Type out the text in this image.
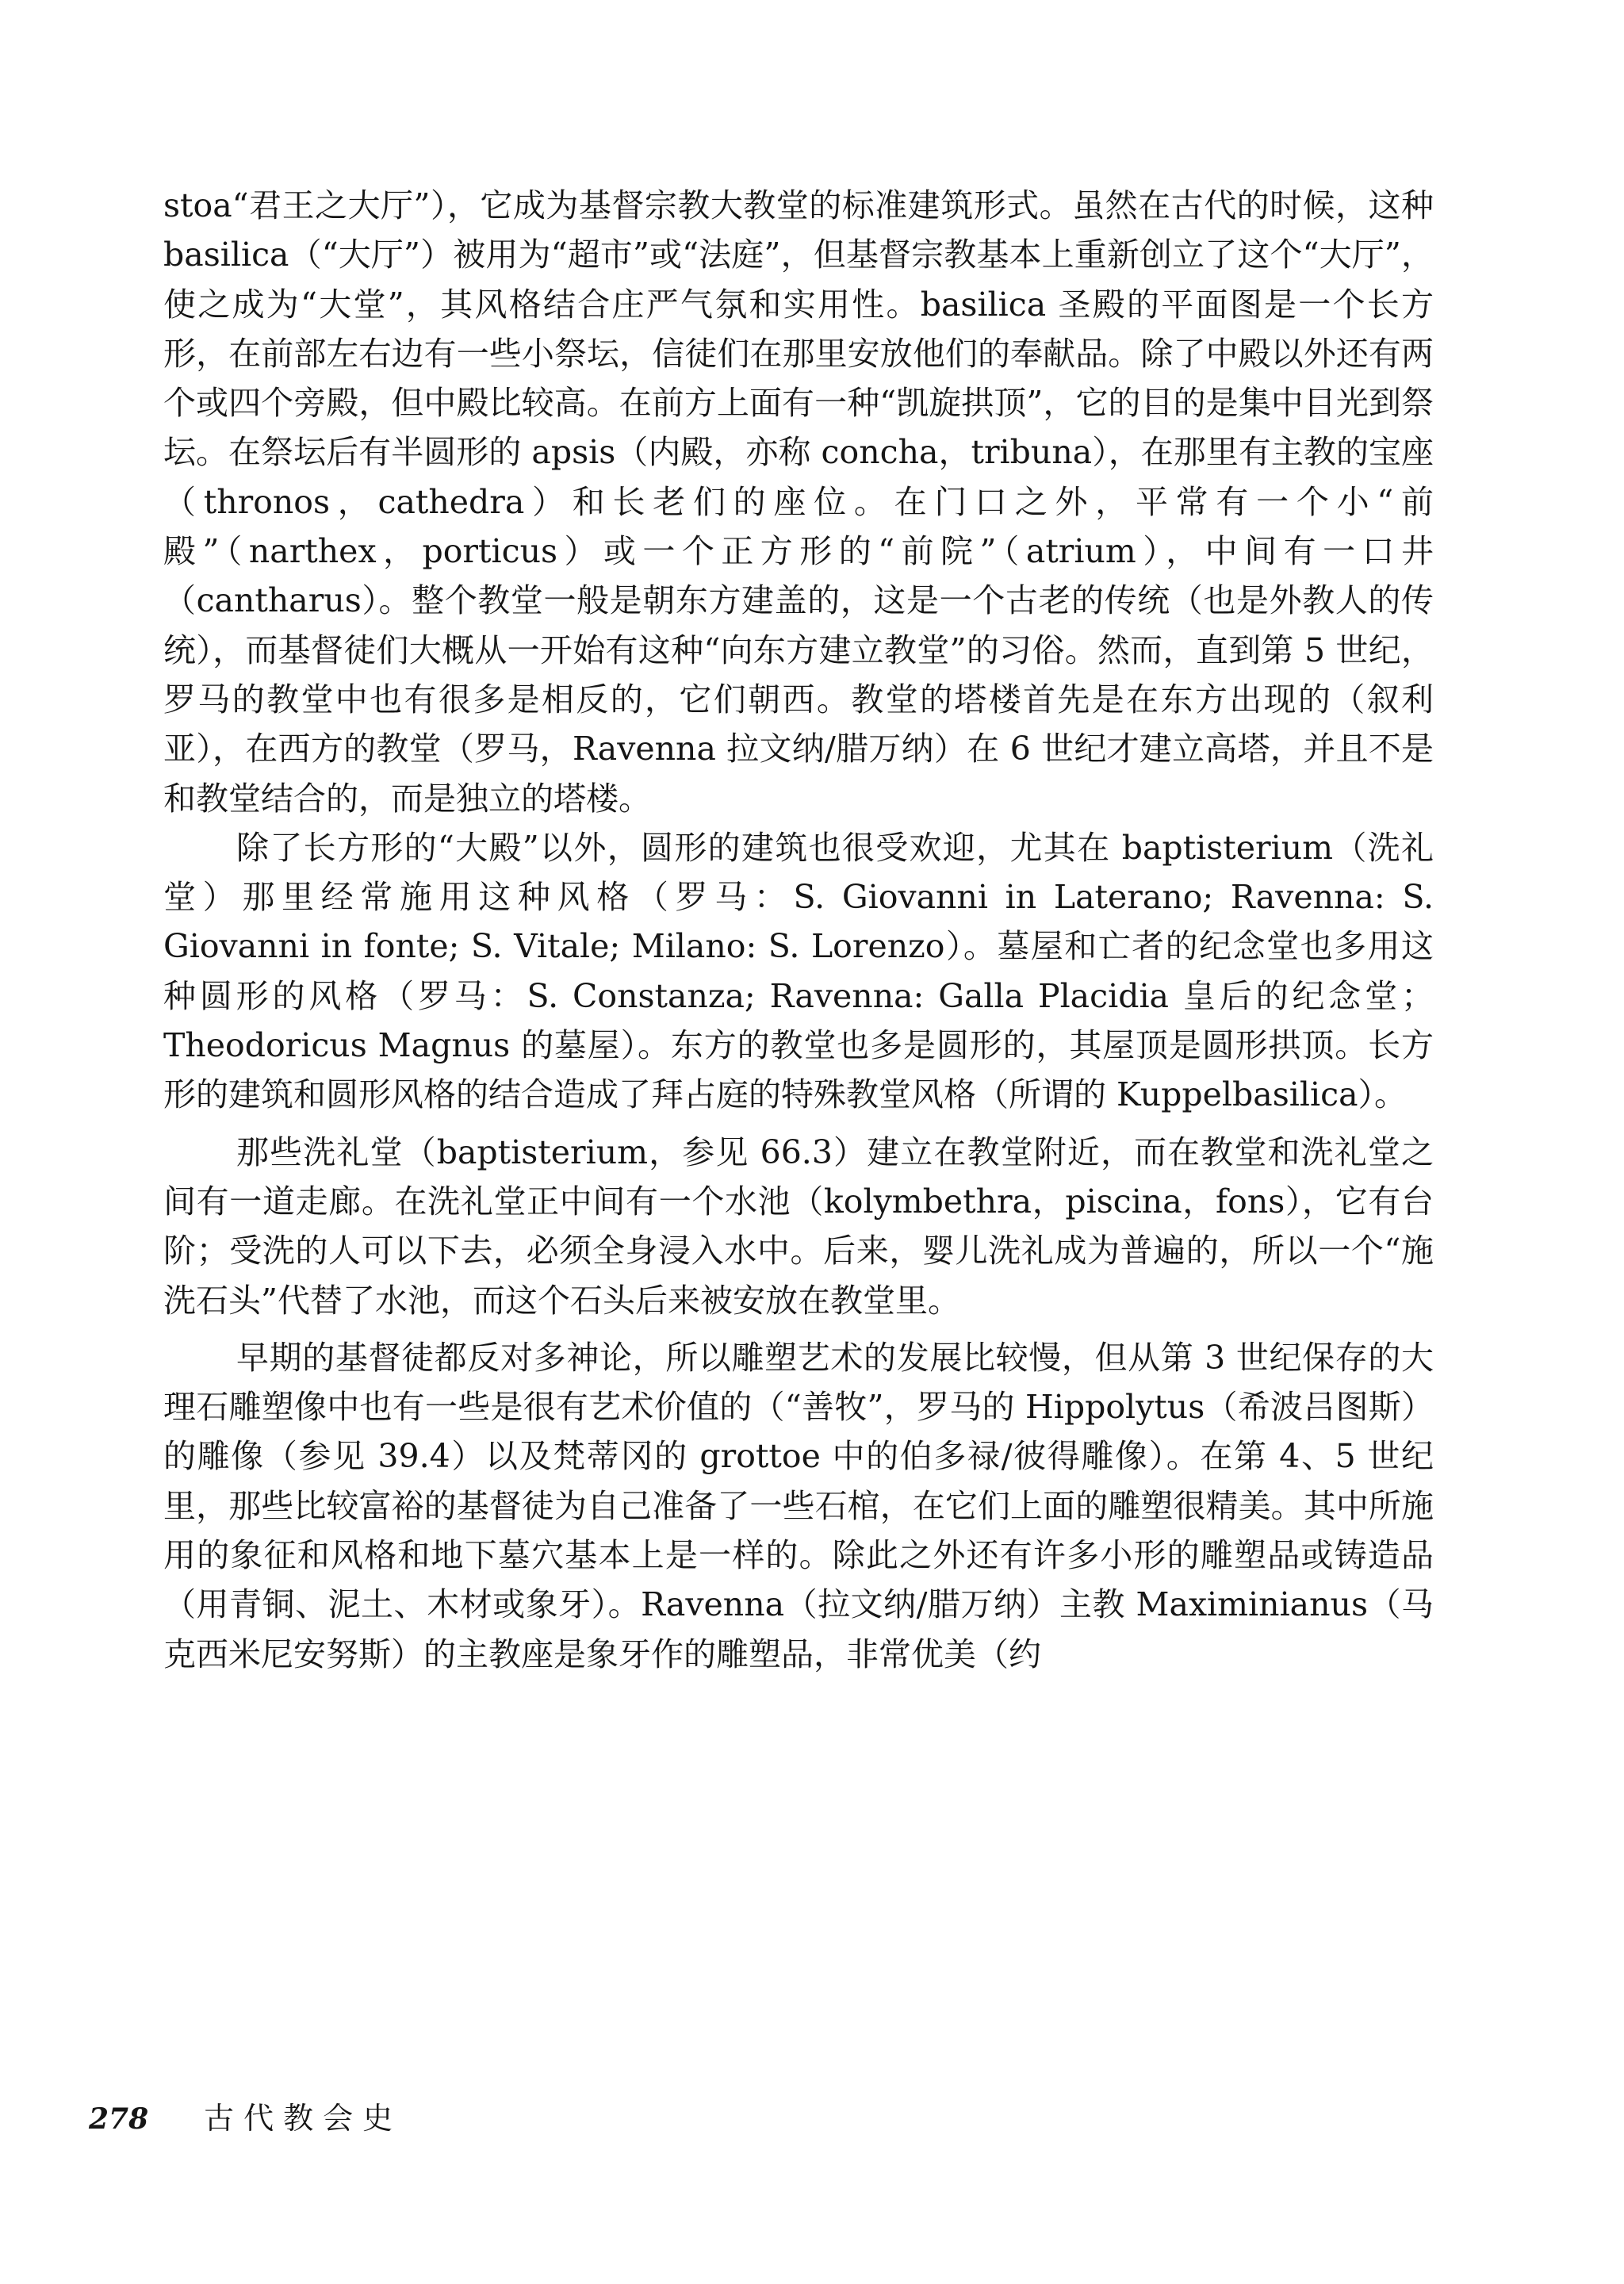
stoa“君王之大厅”），它成为基督宗教大教堂的标准建筑形式。虽然在古代的时候，这种 basilica（“大厅”）被用为“超市”或“法庭”，但基督宗教基本上重新创立了这个“大厅”，使之成为“大堂”，其风格结合庄严气氛和实用性。basilica 圣殿的平面图是一个长方形，在前部左右边有一些小祭坛，信徒们在那里安放他们的奉献品。除了中殿以外还有两个或四个旁殿，但中殿比较高。在前方上面有一种“凯旋拱顶”，它的目的是集中目光到祭坛。在祭坛后有半圆形的 apsis（内殿，亦称 concha，tribuna），在那里有主教的宝座（thronos，cathedra）和长老们的座位。在门口之外，平常有一个小“前殿”（narthex，porticus）或一个正方形的“前院”（atrium），中间有一口井（cantharus）。整个教堂一般是朝东方建盖的，这是一个古老的传统（也是外教人的传统），而基督徒们大概从一开始有这种“向东方建立教堂”的习俗。然而，直到第 5 世纪，罗马的教堂中也有很多是相反的，它们朝西。教堂的塔楼首先是在东方出现的（叙利亚），在西方的教堂（罗马，Ravenna 拉文纳/腊万纳）在 6 世纪才建立高塔，并且不是和教堂结合的，而是独立的塔楼。

除了长方形的“大殿”以外，圆形的建筑也很受欢迎，尤其在 baptisterium（洗礼堂）那里经常施用这种风格（罗马：S. Giovanni in Laterano; Ravenna: S. Giovanni in fonte; S. Vitale; Milano: S. Lorenzo）。墓屋和亡者的纪念堂也多用这种圆形的风格（罗马：S. Constanza; Ravenna: Galla Placidia 皇后的纪念堂；Theodoricus Magnus 的墓屋）。东方的教堂也多是圆形的，其屋顶是圆形拱顶。长方形的建筑和圆形风格的结合造成了拜占庭的特殊教堂风格（所谓的 Kuppelbasilica）。

那些洗礼堂（baptisterium，参见 66.3）建立在教堂附近，而在教堂和洗礼堂之间有一道走廊。在洗礼堂正中间有一个水池（kolymbethra，piscina，fons），它有台阶；受洗的人可以下去，必须全身浸入水中。后来，婴儿洗礼成为普遍的，所以一个“施洗石头”代替了水池，而这个石头后来被安放在教堂里。

早期的基督徒都反对多神论，所以雕塑艺术的发展比较慢，但从第 3 世纪保存的大理石雕塑像中也有一些是很有艺术价值的（“善牧”，罗马的 Hippolytus（希波吕图斯）的雕像（参见 39.4）以及梵蒂冈的 grottoe 中的伯多禄/彼得雕像）。在第 4、5 世纪里，那些比较富裕的基督徒为自己准备了一些石棺，在它们上面的雕塑很精美。其中所施用的象征和风格和地下墓穴基本上是一样的。除此之外还有许多小形的雕塑品或铸造品（用青铜、泥土、木材或象牙）。Ravenna（拉文纳/腊万纳）主教 Maximinianus（马克西米尼安努斯）的主教座是象牙作的雕塑品，非常优美（约

278 古代教会史
